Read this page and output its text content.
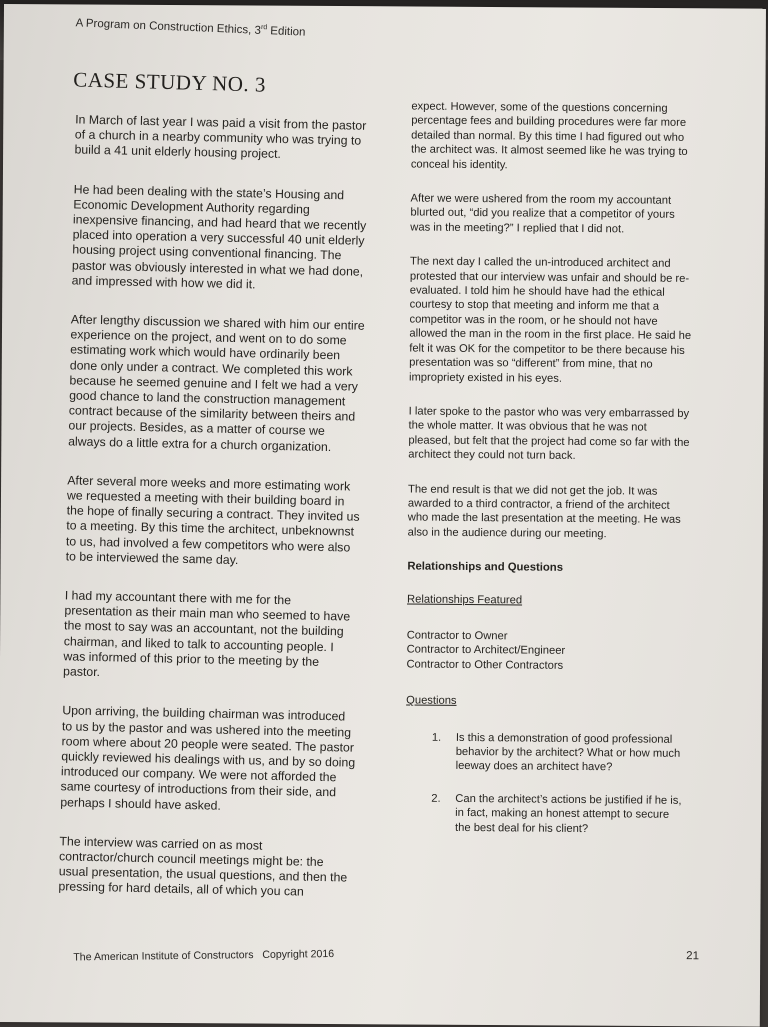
A Program on Construction Ethics, 3rd Edition
CASE STUDY NO. 3

In March of last year I was paid a visit from the pastor of a church in a nearby community who was trying to build a 41 unit elderly housing project.

He had been dealing with the state’s Housing and Economic Development Authority regarding inexpensive financing, and had heard that we recently placed into operation a very successful 40 unit elderly housing project using conventional financing. The pastor was obviously interested in what we had done, and impressed with how we did it.

After lengthy discussion we shared with him our entire experience on the project, and went on to do some estimating work which would have ordinarily been done only under a contract. We completed this work because he seemed genuine and I felt we had a very good chance to land the construction management contract because of the similarity between theirs and our projects. Besides, as a matter of course we always do a little extra for a church organization.

After several more weeks and more estimating work we requested a meeting with their building board in the hope of finally securing a contract. They invited us to a meeting. By this time the architect, unbeknownst to us, had involved a few competitors who were also to be interviewed the same day.

I had my accountant there with me for the presentation as their main man who seemed to have the most to say was an accountant, not the building chairman, and liked to talk to accounting people. I was informed of this prior to the meeting by the pastor.

Upon arriving, the building chairman was introduced to us by the pastor and was ushered into the meeting room where about 20 people were seated. The pastor quickly reviewed his dealings with us, and by so doing introduced our company. We were not afforded the same courtesy of introductions from their side, and perhaps I should have asked.

The interview was carried on as most contractor/church council meetings might be: the usual presentation, the usual questions, and then the pressing for hard details, all of which you can

expect. However, some of the questions concerning percentage fees and building procedures were far more detailed than normal. By this time I had figured out who the architect was. It almost seemed like he was trying to conceal his identity.

After we were ushered from the room my accountant blurted out, “did you realize that a competitor of yours was in the meeting?” I replied that I did not.

The next day I called the un-introduced architect and protested that our interview was unfair and should be re-evaluated. I told him he should have had the ethical courtesy to stop that meeting and inform me that a competitor was in the room, or he should not have allowed the man in the room in the first place. He said he felt it was OK for the competitor to be there because his presentation was so “different” from mine, that no impropriety existed in his eyes.

I later spoke to the pastor who was very embarrassed by the whole matter. It was obvious that he was not pleased, but felt that the project had come so far with the architect they could not turn back.

The end result is that we did not get the job. It was awarded to a third contractor, a friend of the architect who made the last presentation at the meeting. He was also in the audience during our meeting.

Relationships and Questions
Relationships Featured
Contractor to Owner
Contractor to Architect/Engineer
Contractor to Other Contractors
Questions
1. Is this a demonstration of good professional behavior by the architect? What or how much leeway does an architect have?
2. Can the architect’s actions be justified if he is, in fact, making an honest attempt to secure the best deal for his client?

The American Institute of Constructors Copyright 2016	21
